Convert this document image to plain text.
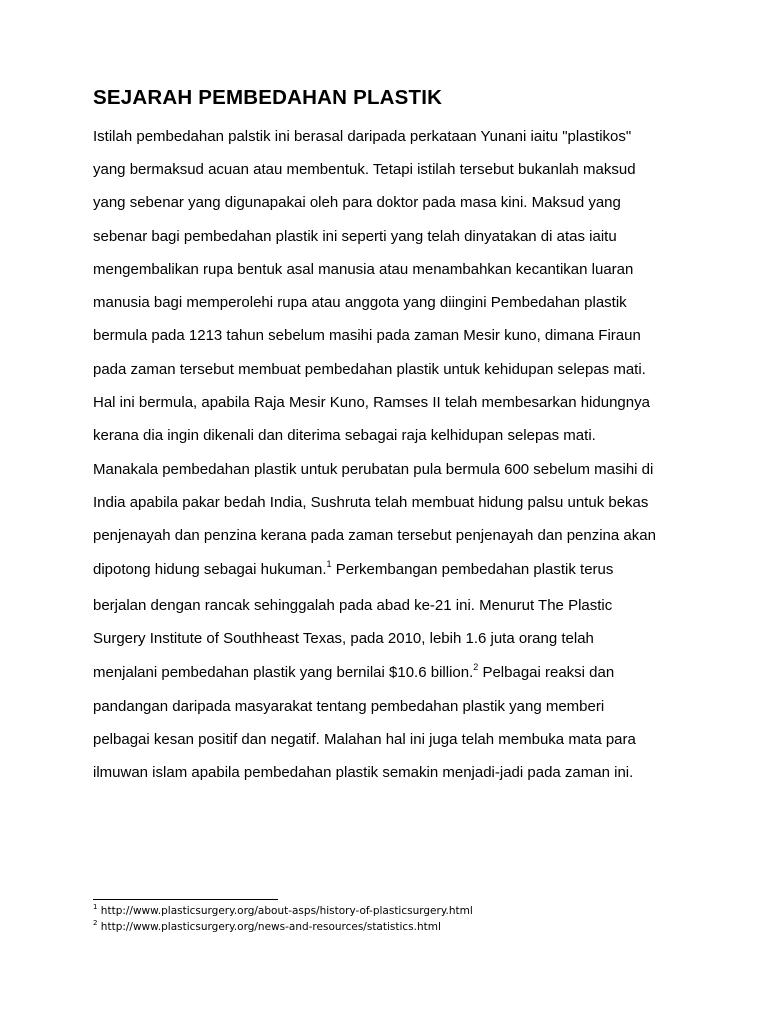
SEJARAH PEMBEDAHAN PLASTIK
Istilah pembedahan palstik ini berasal daripada perkataan Yunani iaitu "plastikos"
yang bermaksud acuan atau membentuk. Tetapi istilah tersebut bukanlah maksud
yang sebenar yang digunapakai oleh para doktor pada masa kini. Maksud yang
sebenar bagi pembedahan plastik ini seperti yang telah dinyatakan di atas iaitu
mengembalikan rupa bentuk asal manusia atau menambahkan kecantikan luaran
manusia bagi memperolehi rupa atau anggota yang diingini Pembedahan plastik
bermula pada 1213 tahun sebelum masihi pada zaman Mesir kuno, dimana Firaun
pada zaman tersebut membuat pembedahan plastik untuk kehidupan selepas mati.
Hal ini bermula, apabila Raja Mesir Kuno, Ramses II telah membesarkan hidungnya
kerana dia ingin dikenali dan diterima sebagai raja kelhidupan selepas mati.
Manakala pembedahan plastik untuk perubatan pula bermula 600 sebelum masihi di
India apabila pakar bedah India, Sushruta telah membuat hidung palsu untuk bekas
penjenayah dan penzina kerana pada zaman tersebut penjenayah dan penzina akan
dipotong hidung sebagai hukuman.$^1$ Perkembangan pembedahan plastik terus
berjalan dengan rancak sehinggalah pada abad ke-21 ini. Menurut The Plastic
Surgery Institute of Southheast Texas, pada 2010, lebih 1.6 juta orang telah
menjalani pembedahan plastik yang bernilai $10.6 billion.$^2$ Pelbagai reaksi dan
pandangan daripada masyarakat tentang pembedahan plastik yang memberi
pelbagai kesan positif dan negatif. Malahan hal ini juga telah membuka mata para
ilmuwan islam apabila pembedahan plastik semakin menjadi-jadi pada zaman ini.
$^1$ http://www.plasticsurgery.org/about-asps/history-of-plasticsurgery.html
$^2$ http://www.plasticsurgery.org/news-and-resources/statistics.html
